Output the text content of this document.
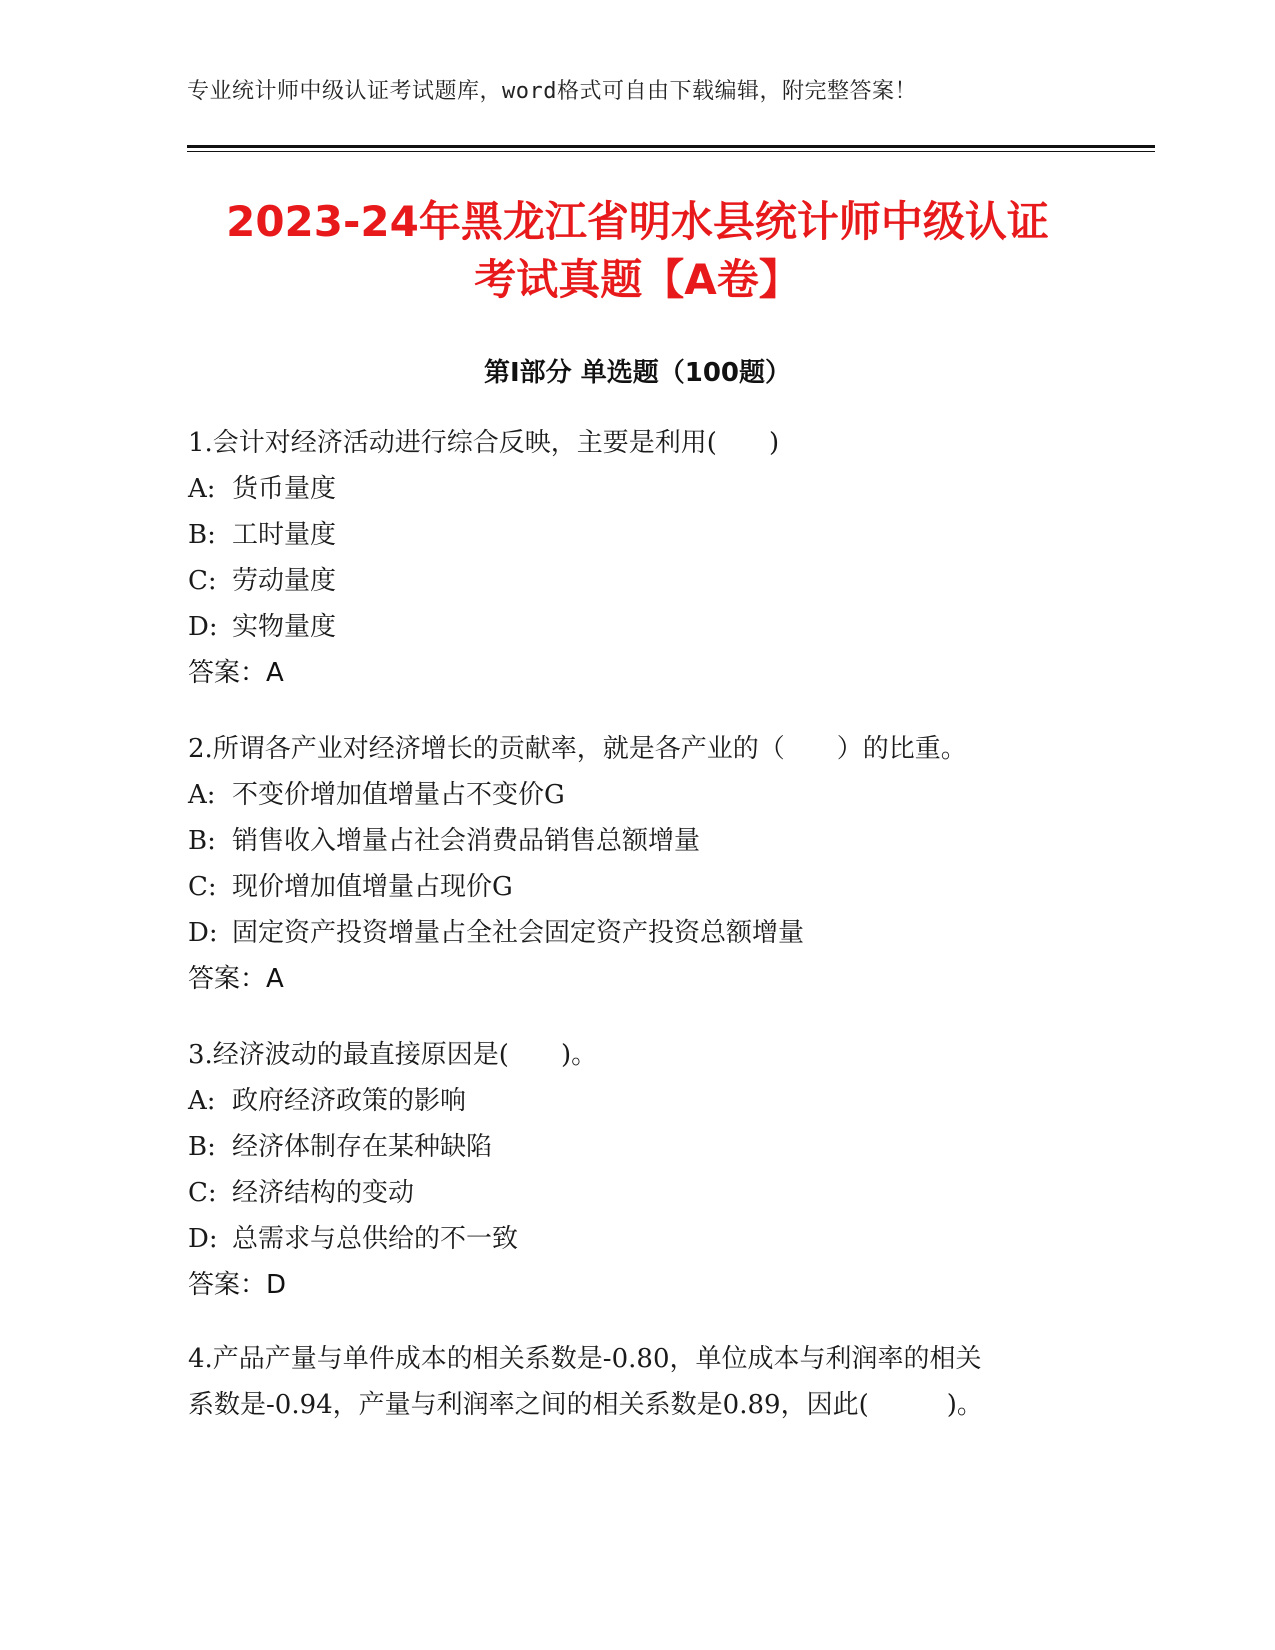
专业统计师中级认证考试题库，word格式可自由下载编辑，附完整答案！
2023-24年黑龙江省明水县统计师中级认证
考试真题【A卷】
第Ⅰ部分 单选题（100题）
1.会计对经济活动进行综合反映，主要是利用(　　)
A: 货币量度
B: 工时量度
C: 劳动量度
D: 实物量度
答案：A
2.所谓各产业对经济增长的贡献率，就是各产业的（　　）的比重。
A: 不变价增加值增量占不变价G
B: 销售收入增量占社会消费品销售总额增量
C: 现价增加值增量占现价G
D: 固定资产投资增量占全社会固定资产投资总额增量
答案：A
3.经济波动的最直接原因是(　　)。
A: 政府经济政策的影响
B: 经济体制存在某种缺陷
C: 经济结构的变动
D: 总需求与总供给的不一致
答案：D
4.产品产量与单件成本的相关系数是-0.80，单位成本与利润率的相关
系数是-0.94，产量与利润率之间的相关系数是0.89，因此(　　　)。
